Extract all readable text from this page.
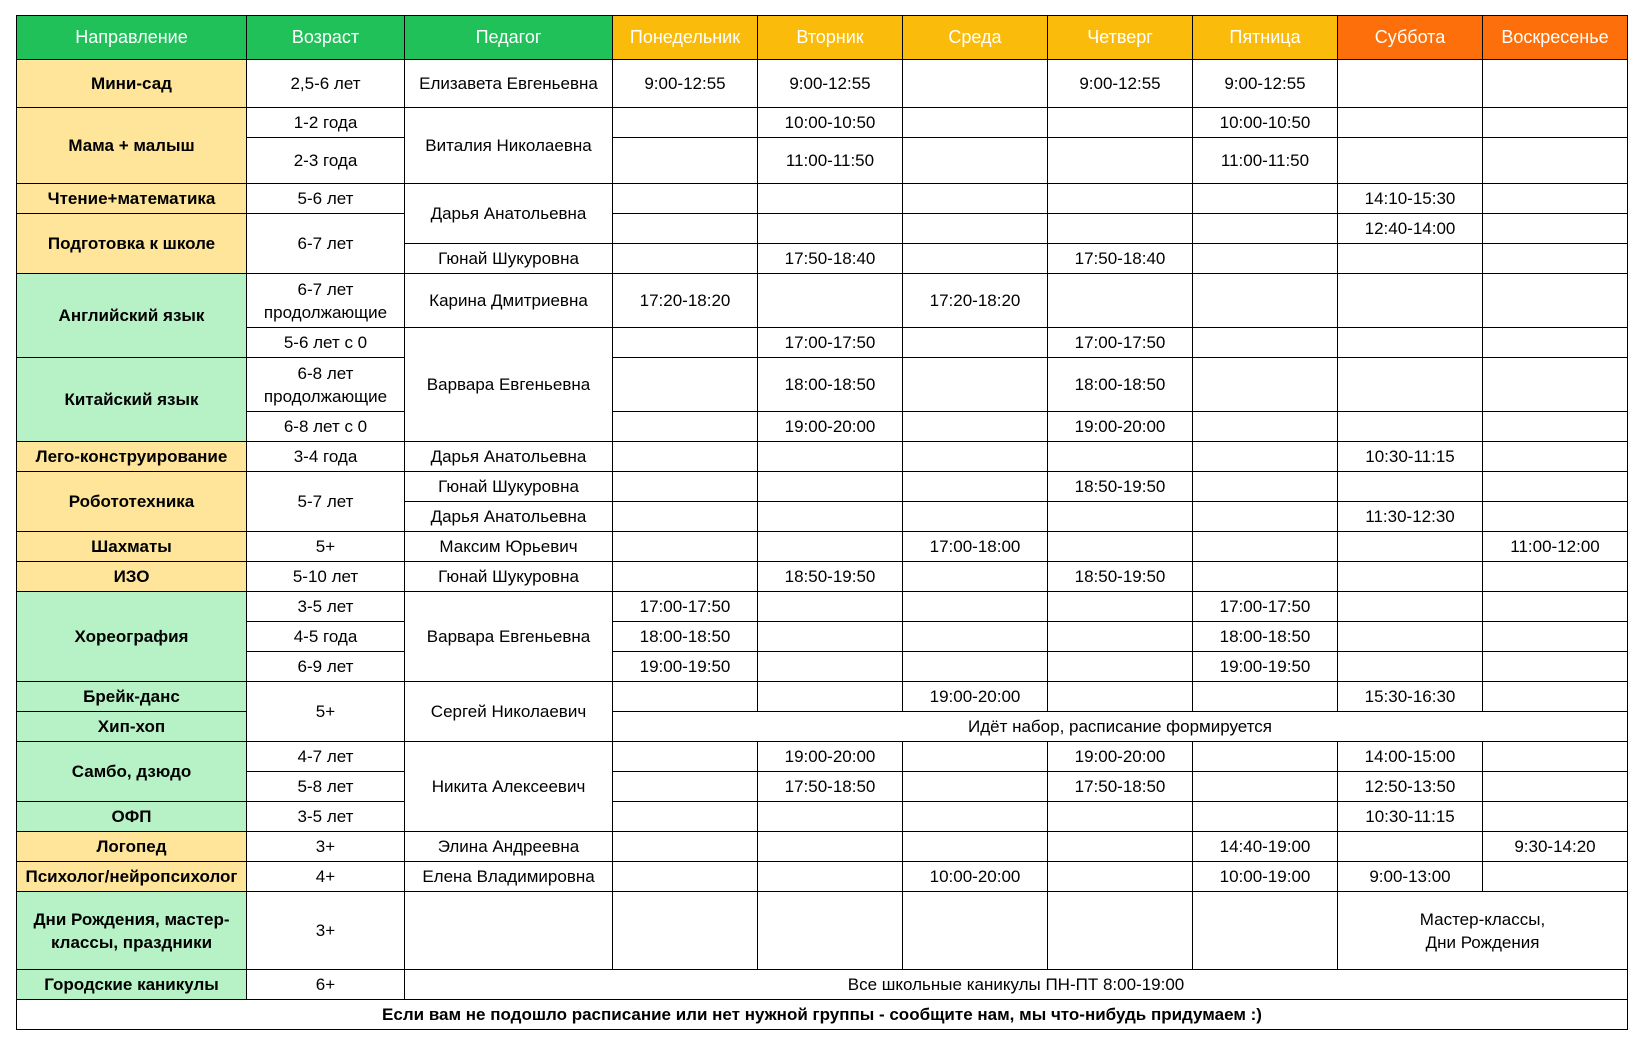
Направление	Возраст	Педагог	Понедельник	Вторник	Среда	Четверг	Пятница	Суббота	Воскресенье
Мини-сад	2,5-6 лет	Елизавета Евгеньевна	9:00-12:55	9:00-12:55		9:00-12:55	9:00-12:55		
Мама + малыш	1-2 года	Виталия Николаевна		10:00-10:50			10:00-10:50		
	2-3 года			11:00-11:50			11:00-11:50		
Чтение+математика	5-6 лет	Дарья Анатольевна						14:10-15:30	
Подготовка к школе	6-7 лет							12:40-14:00	
		Гюнай Шукуровна		17:50-18:40		17:50-18:40			
Английский язык	6-7 лет продолжающие	Карина Дмитриевна	17:20-18:20		17:20-18:20				
	5-6 лет с 0	Варвара Евгеньевна		17:00-17:50		17:00-17:50			
Китайский язык	6-8 лет продолжающие			18:00-18:50		18:00-18:50			
	6-8 лет с 0			19:00-20:00		19:00-20:00			
Лего-конструирование	3-4 года	Дарья Анатольевна						10:30-11:15	
Робототехника	5-7 лет	Гюнай Шукуровна				18:50-19:50			
		Дарья Анатольевна						11:30-12:30	
Шахматы	5+	Максим Юрьевич			17:00-18:00				11:00-12:00
ИЗО	5-10 лет	Гюнай Шукуровна		18:50-19:50		18:50-19:50			
Хореография	3-5 лет	Варвара Евгеньевна	17:00-17:50				17:00-17:50		
	4-5 года		18:00-18:50				18:00-18:50		
	6-9 лет		19:00-19:50				19:00-19:50		
Брейк-данс	5+	Сергей Николаевич			19:00-20:00			15:30-16:30	
Хип-хоп			Идёт набор, расписание формируется						
Самбо, дзюдо	4-7 лет	Никита Алексеевич		19:00-20:00		19:00-20:00		14:00-15:00	
	5-8 лет			17:50-18:50		17:50-18:50		12:50-13:50	
ОФП	3-5 лет							10:30-11:15	
Логопед	3+	Элина Андреевна					14:40-19:00		9:30-14:20
Психолог/нейропсихолог	4+	Елена Владимировна			10:00-20:00		10:00-19:00	9:00-13:00	
Дни Рождения, мастер-классы, праздники	3+							Мастер-классы,
Дни Рождения	
Городские каникулы	6+	Все школьные каникулы ПН-ПТ 8:00-19:00							
Если вам не подошло расписание или нет нужной группы - сообщите нам, мы что-нибудь придумаем :)									
